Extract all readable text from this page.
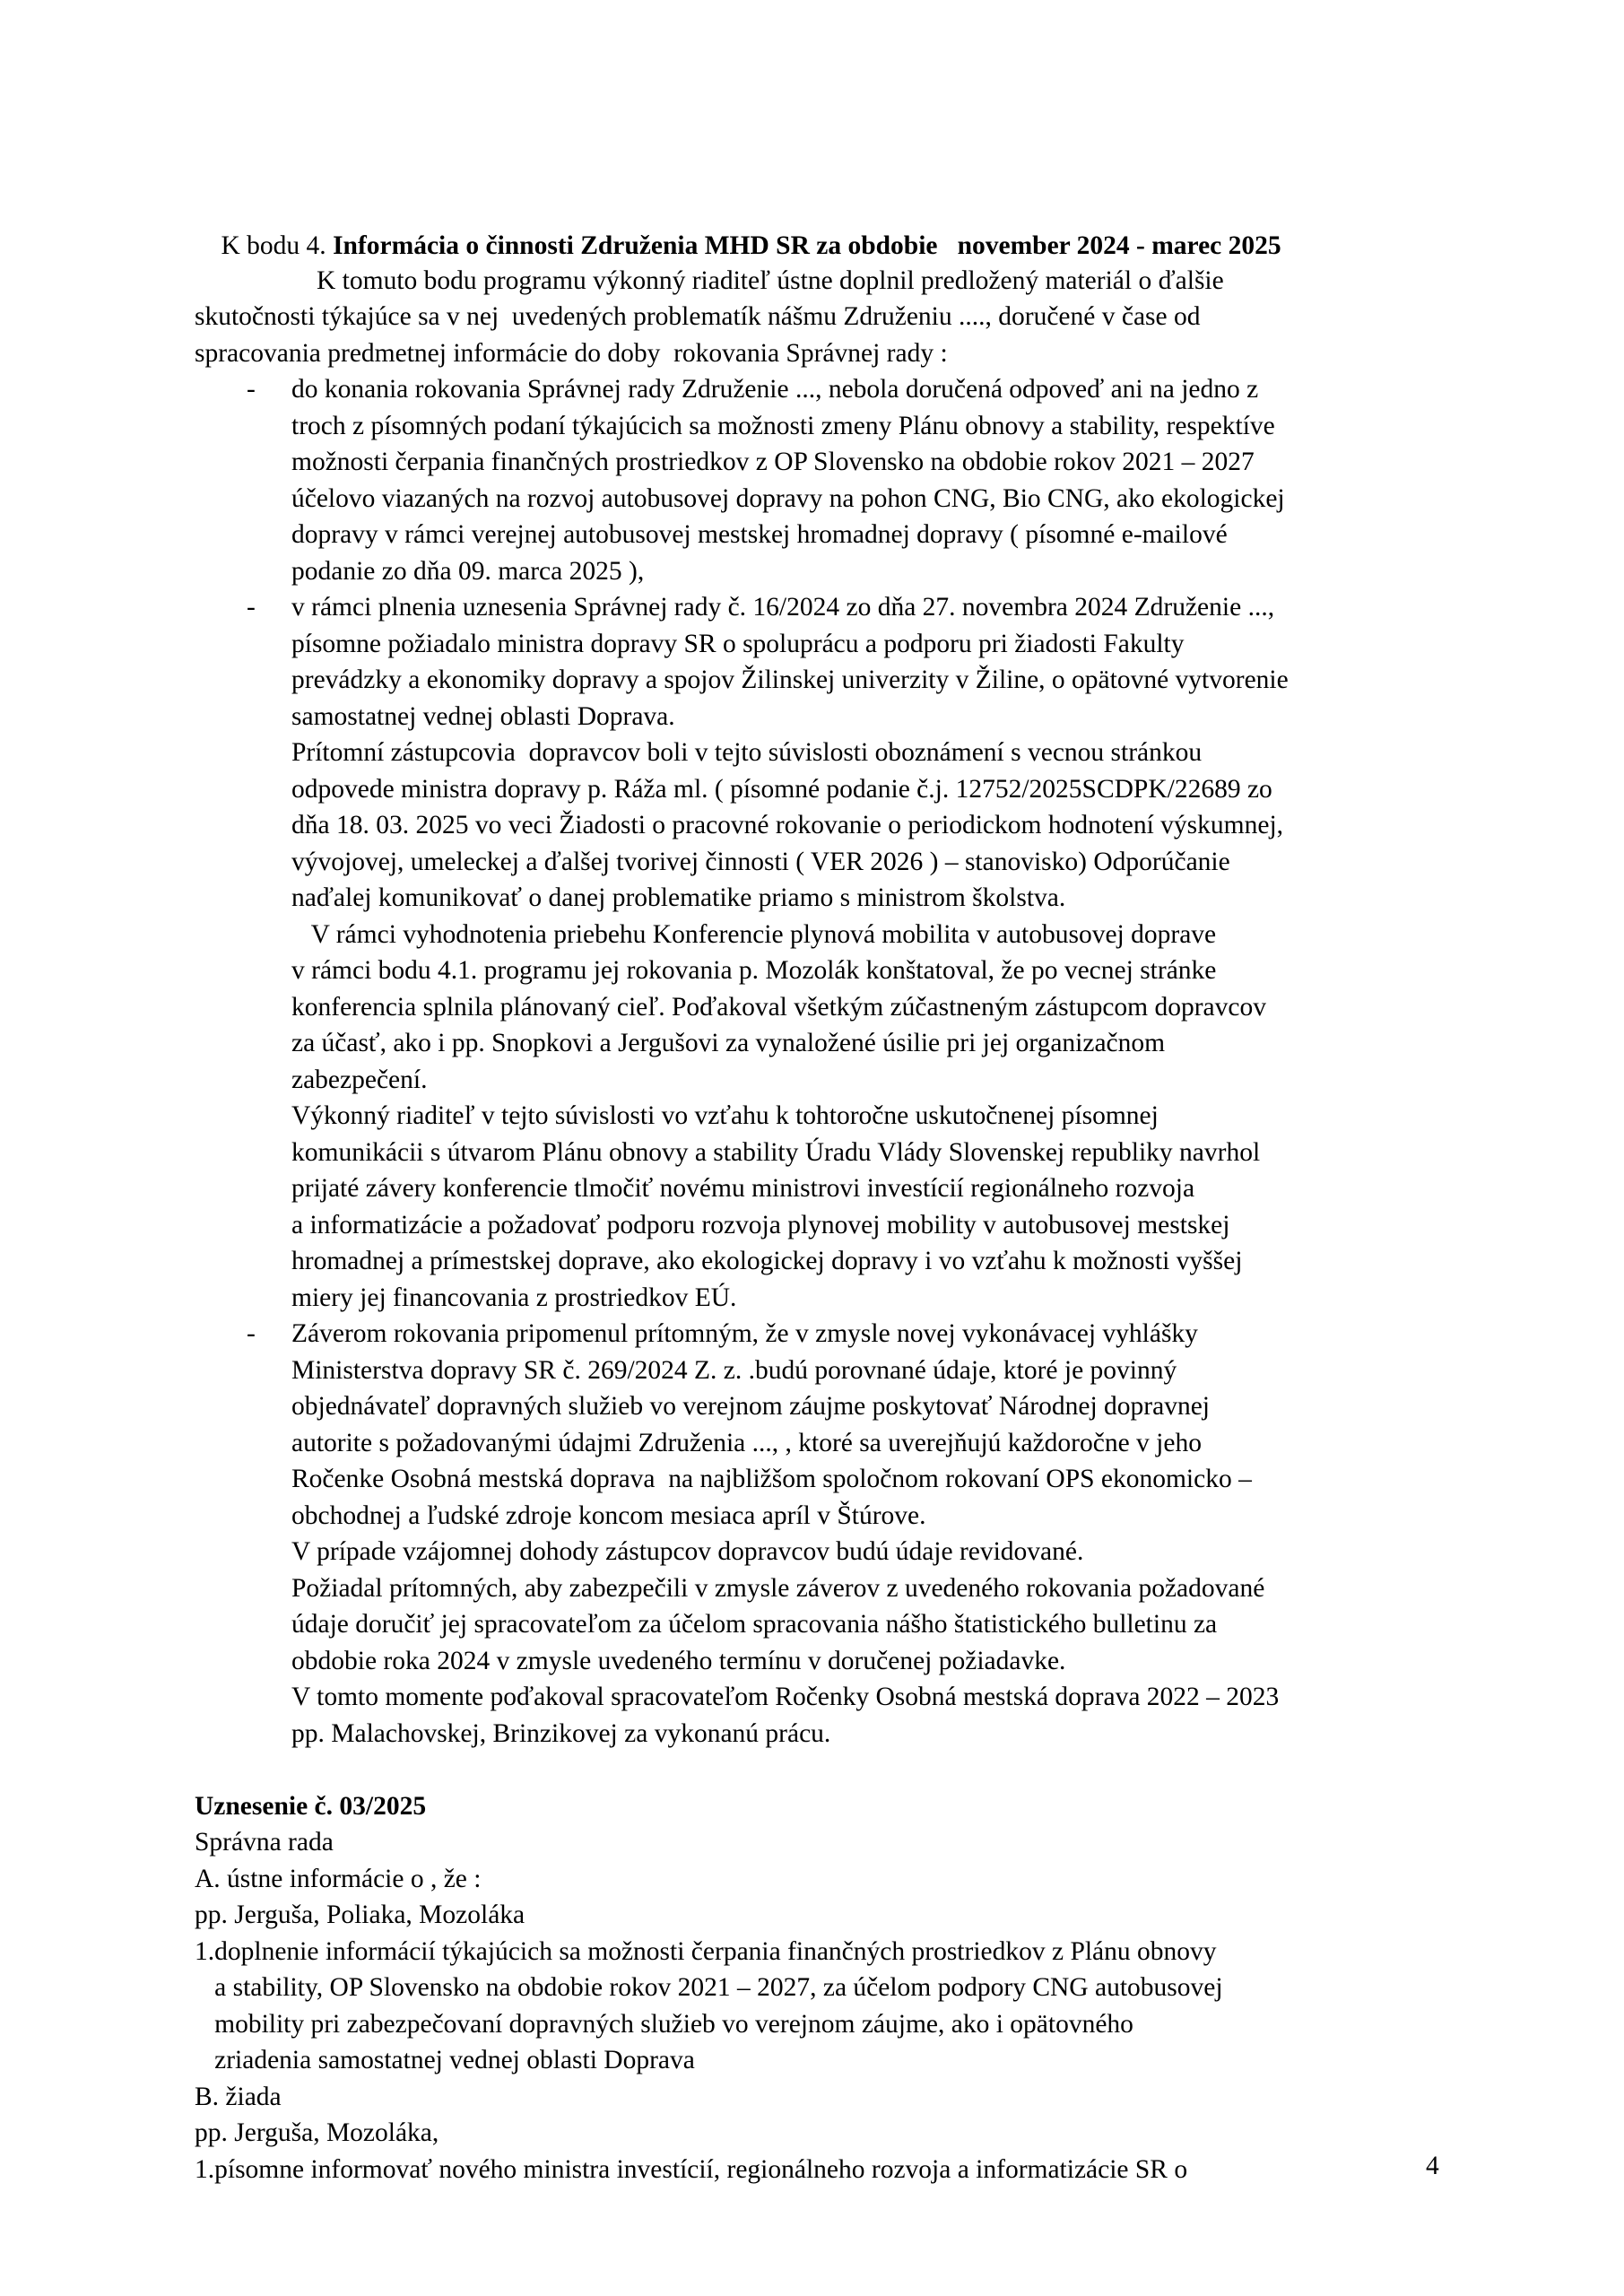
K bodu 4. Informácia o činnosti Združenia MHD SR za obdobie   november 2024 - marec 2025

K tomuto bodu programu výkonný riaditeľ ústne doplnil predložený materiál o ďalšie
skutočnosti týkajúce sa v nej  uvedených problematík nášmu Združeniu ...., doručené v čase od
spracovania predmetnej informácie do doby  rokovania Správnej rady :
- do konania rokovania Správnej rady Združenie ..., nebola doručená odpoveď ani na jedno z
troch z písomných podaní týkajúcich sa možnosti zmeny Plánu obnovy a stability, respektíve
možnosti čerpania finančných prostriedkov z OP Slovensko na obdobie rokov 2021 – 2027
účelovo viazaných na rozvoj autobusovej dopravy na pohon CNG, Bio CNG, ako ekologickej
dopravy v rámci verejnej autobusovej mestskej hromadnej dopravy ( písomné e-mailové
podanie zo dňa 09. marca 2025 ),
- v rámci plnenia uznesenia Správnej rady č. 16/2024 zo dňa 27. novembra 2024 Združenie ...,
písomne požiadalo ministra dopravy SR o spoluprácu a podporu pri žiadosti Fakulty
prevádzky a ekonomiky dopravy a spojov Žilinskej univerzity v Žiline, o opätovné vytvorenie
samostatnej vednej oblasti Doprava.
Prítomní zástupcovia  dopravcov boli v tejto súvislosti oboznámení s vecnou stránkou
odpovede ministra dopravy p. Ráža ml. ( písomné podanie č.j. 12752/2025SCDPK/22689 zo
dňa 18. 03. 2025 vo veci Žiadosti o pracovné rokovanie o periodickom hodnotení výskumnej,
vývojovej, umeleckej a ďalšej tvorivej činnosti ( VER 2026 ) – stanovisko) Odporúčanie
naďalej komunikovať o danej problematike priamo s ministrom školstva.
V rámci vyhodnotenia priebehu Konferencie plynová mobilita v autobusovej doprave
v rámci bodu 4.1. programu jej rokovania p. Mozolák konštatoval, že po vecnej stránke
konferencia splnila plánovaný cieľ. Poďakoval všetkým zúčastneným zástupcom dopravcov
za účasť, ako i pp. Snopkovi a Jergušovi za vynaložené úsilie pri jej organizačnom
zabezpečení.
Výkonný riaditeľ v tejto súvislosti vo vzťahu k tohtoročne uskutočnenej písomnej
komunikácii s útvarom Plánu obnovy a stability Úradu Vlády Slovenskej republiky navrhol
prijaté závery konferencie tlmočiť novému ministrovi investícií regionálneho rozvoja
a informatizácie a požadovať podporu rozvoja plynovej mobility v autobusovej mestskej
hromadnej a prímestskej doprave, ako ekologickej dopravy i vo vzťahu k možnosti vyššej
miery jej financovania z prostriedkov EÚ.
- Záverom rokovania pripomenul prítomným, že v zmysle novej vykonávacej vyhlášky
Ministerstva dopravy SR č. 269/2024 Z. z. .budú porovnané údaje, ktoré je povinný
objednávateľ dopravných služieb vo verejnom záujme poskytovať Národnej dopravnej
autorite s požadovanými údajmi Združenia ..., , ktoré sa uverejňujú každoročne v jeho
Ročenke Osobná mestská doprava  na najbližšom spoločnom rokovaní OPS ekonomicko –
obchodnej a ľudské zdroje koncom mesiaca apríl v Štúrove.
V prípade vzájomnej dohody zástupcov dopravcov budú údaje revidované.
Požiadal prítomných, aby zabezpečili v zmysle záverov z uvedeného rokovania požadované
údaje doručiť jej spracovateľom za účelom spracovania nášho štatistického bulletinu za
obdobie roka 2024 v zmysle uvedeného termínu v doručenej požiadavke.
V tomto momente poďakoval spracovateľom Ročenky Osobná mestská doprava 2022 – 2023
pp. Malachovskej, Brinzikovej za vykonanú prácu.
Uznesenie č. 03/2025
Správna rada
A. ústne informácie o , že :
pp. Jerguša, Poliaka, Mozoláka
1.doplnenie informácií týkajúcich sa možnosti čerpania finančných prostriedkov z Plánu obnovy
a stability, OP Slovensko na obdobie rokov 2021 – 2027, za účelom podpory CNG autobusovej
mobility pri zabezpečovaní dopravných služieb vo verejnom záujme, ako i opätovného
zriadenia samostatnej vednej oblasti Doprava
B. žiada
pp. Jerguša, Mozoláka,
1.písomne informovať nového ministra investícií, regionálneho rozvoja a informatizácie SR o	4
